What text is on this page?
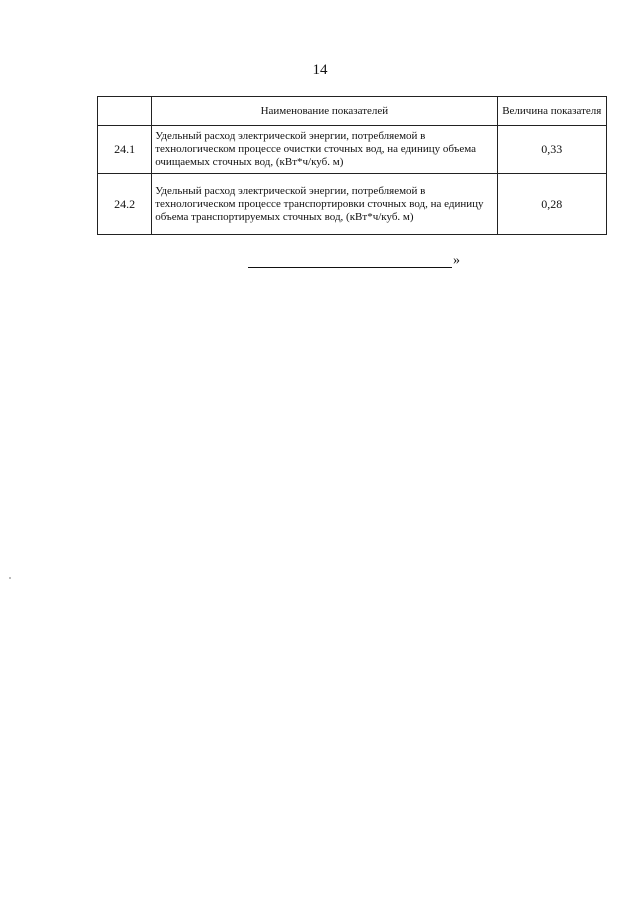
14
	Наименование показателей	Величина показателя
24.1	Удельный расход электрической энергии, потребляемой в технологическом процессе очистки сточных вод, на единицу объема очищаемых сточных вод, (кВт*ч/куб. м)	0,33
24.2	Удельный расход электрической энергии, потребляемой в технологическом процессе транспортировки сточных вод, на единицу объема транспортируемых сточных вод, (кВт*ч/куб. м)	0,28
»
